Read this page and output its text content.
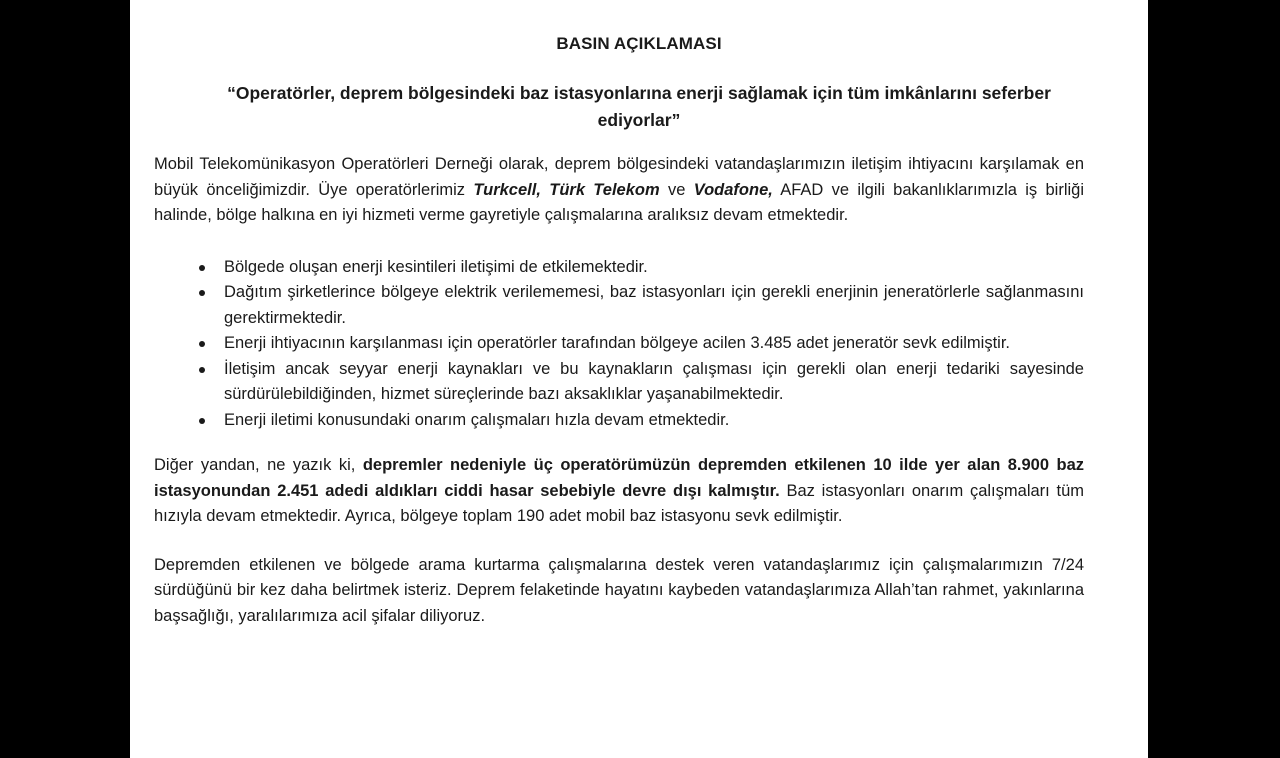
BASIN AÇIKLAMASI
“Operatörler, deprem bölgesindeki baz istasyonlarına enerji sağlamak için tüm imkânlarını seferber ediyorlar”
Mobil Telekomünikasyon Operatörleri Derneği olarak, deprem bölgesindeki vatandaşlarımızın iletişim ihtiyacını karşılamak en büyük önceliğimizdir. Üye operatörlerimiz Turkcell, Türk Telekom ve Vodafone, AFAD ve ilgili bakanlıklarımızla iş birliği halinde, bölge halkına en iyi hizmeti verme gayretiyle çalışmalarına aralıksız devam etmektedir.
Bölgede oluşan enerji kesintileri iletişimi de etkilemektedir.
Dağıtım şirketlerince bölgeye elektrik verilememesi, baz istasyonları için gerekli enerjinin jeneratörlerle sağlanmasını gerektirmektedir.
Enerji ihtiyacının karşılanması için operatörler tarafından bölgeye acilen 3.485 adet jeneratör sevk edilmiştir.
İletişim ancak seyyar enerji kaynakları ve bu kaynakların çalışması için gerekli olan enerji tedariki sayesinde sürdürülebildiğinden, hizmet süreçlerinde bazı aksaklıklar yaşanabilmektedir.
Enerji iletimi konusundaki onarım çalışmaları hızla devam etmektedir.
Diğer yandan, ne yazık ki, depremler nedeniyle üç operatörümüzün depremden etkilenen 10 ilde yer alan 8.900 baz istasyonundan 2.451 adedi aldıkları ciddi hasar sebebiyle devre dışı kalmıştır. Baz istasyonları onarım çalışmaları tüm hızıyla devam etmektedir. Ayrıca, bölgeye toplam 190 adet mobil baz istasyonu sevk edilmiştir.
Depremden etkilenen ve bölgede arama kurtarma çalışmalarına destek veren vatandaşlarımız için çalışmalarımızın 7/24 sürdüğünü bir kez daha belirtmek isteriz. Deprem felaketinde hayatını kaybeden vatandaşlarımıza Allah’tan rahmet, yakınlarına başsağlığı, yaralılarımıza acil şifalar diliyoruz.
